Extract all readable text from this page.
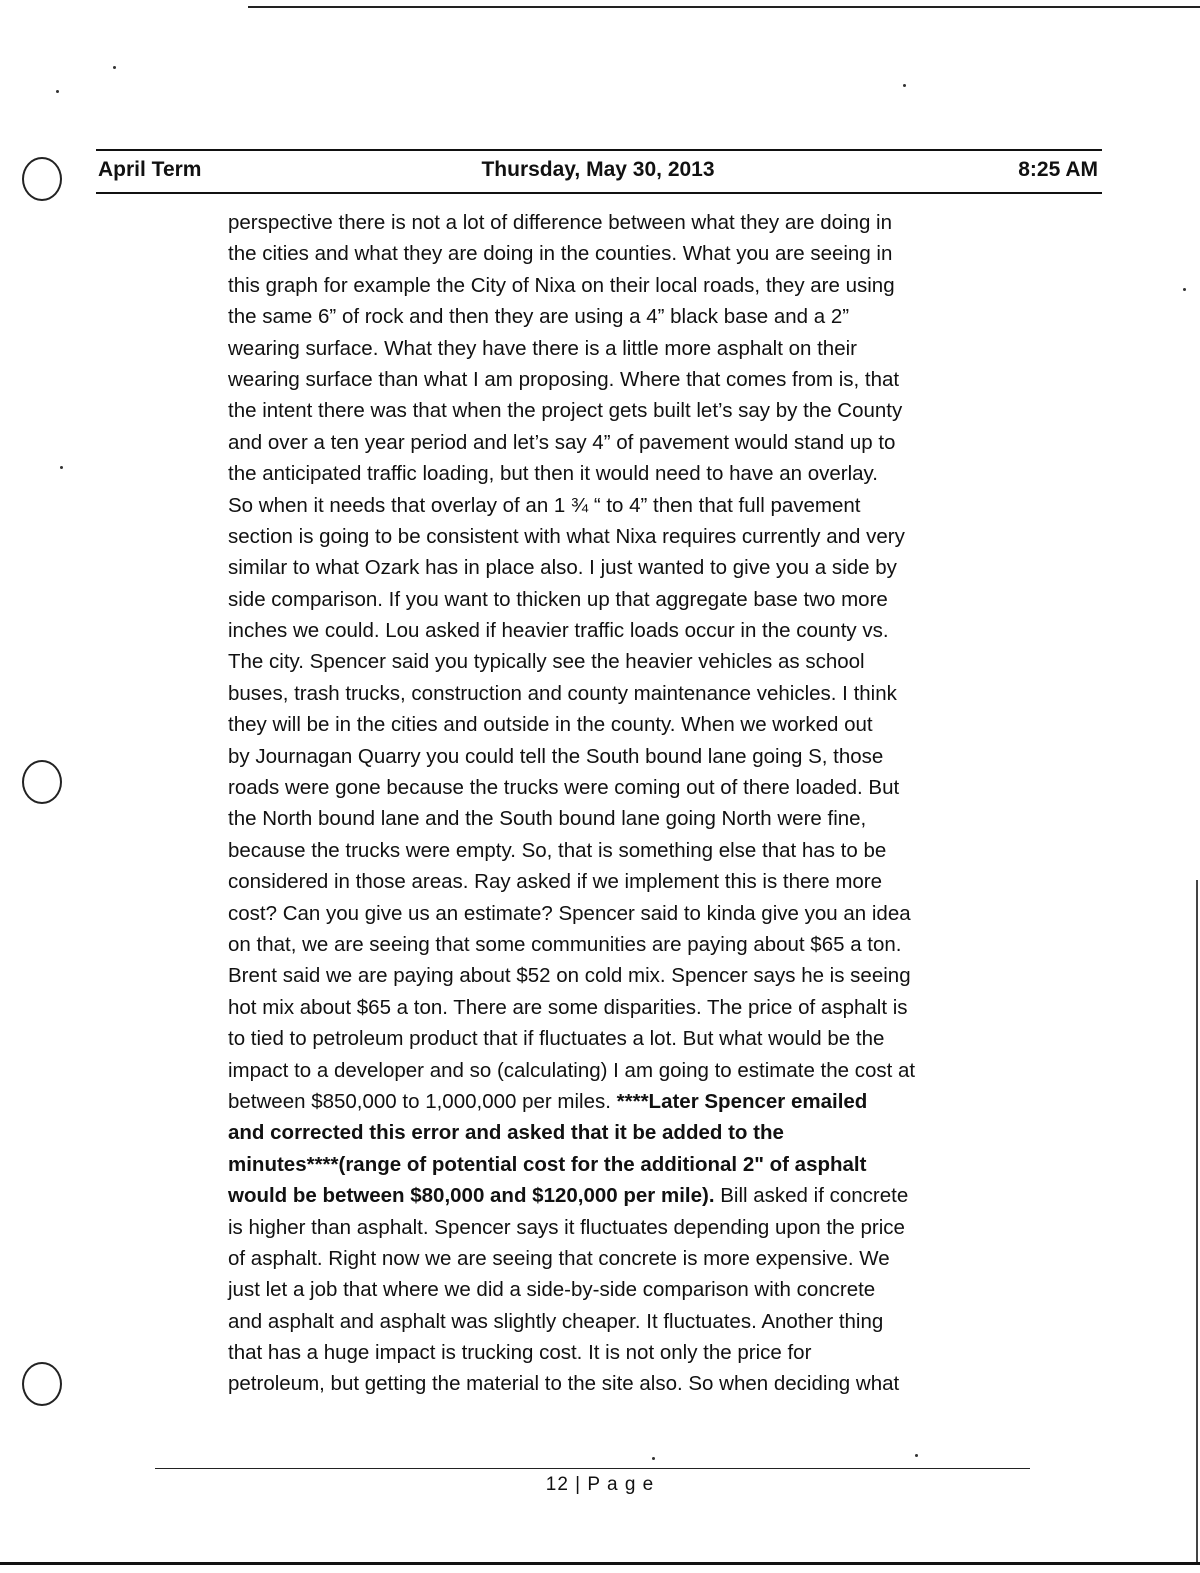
April Term	Thursday, May 30, 2013	8:25 AM
perspective there is not a lot of difference between what they are doing in
the cities and what they are doing in the counties. What you are seeing in
this graph for example the City of Nixa on their local roads, they are using
the same 6” of rock and then they are using a 4” black base and a 2”
wearing surface. What they have there is a little more asphalt on their
wearing surface than what I am proposing. Where that comes from is, that
the intent there was that when the project gets built let’s say by the County
and over a ten year period and let’s say 4” of pavement would stand up to
the anticipated traffic loading, but then it would need to have an overlay.
So when it needs that overlay of an 1 ¾ “ to 4” then that full pavement
section is going to be consistent with what Nixa requires currently and very
similar to what Ozark has in place also. I just wanted to give you a side by
side comparison. If you want to thicken up that aggregate base two more
inches we could. Lou asked if heavier traffic loads occur in the county vs.
The city. Spencer said you typically see the heavier vehicles as school
buses, trash trucks, construction and county maintenance vehicles. I think
they will be in the cities and outside in the county. When we worked out
by Journagan Quarry you could tell the South bound lane going S, those
roads were gone because the trucks were coming out of there loaded. But
the North bound lane and the South bound lane going North were fine,
because the trucks were empty. So, that is something else that has to be
considered in those areas. Ray asked if we implement this is there more
cost? Can you give us an estimate? Spencer said to kinda give you an idea
on that, we are seeing that some communities are paying about $65 a ton.
Brent said we are paying about $52 on cold mix. Spencer says he is seeing
hot mix about $65 a ton. There are some disparities. The price of asphalt is
to tied to petroleum product that if fluctuates a lot. But what would be the
impact to a developer and so (calculating) I am going to estimate the cost at
between $850,000 to 1,000,000 per miles. ****Later Spencer emailed
and corrected this error and asked that it be added to the
minutes****(range of potential cost for the additional 2" of asphalt
would be between $80,000 and $120,000 per mile). Bill asked if concrete
is higher than asphalt. Spencer says it fluctuates depending upon the price
of asphalt. Right now we are seeing that concrete is more expensive. We
just let a job that where we did a side-by-side comparison with concrete
and asphalt and asphalt was slightly cheaper. It fluctuates. Another thing
that has a huge impact is trucking cost. It is not only the price for
petroleum, but getting the material to the site also. So when deciding what
12 | P a g e
